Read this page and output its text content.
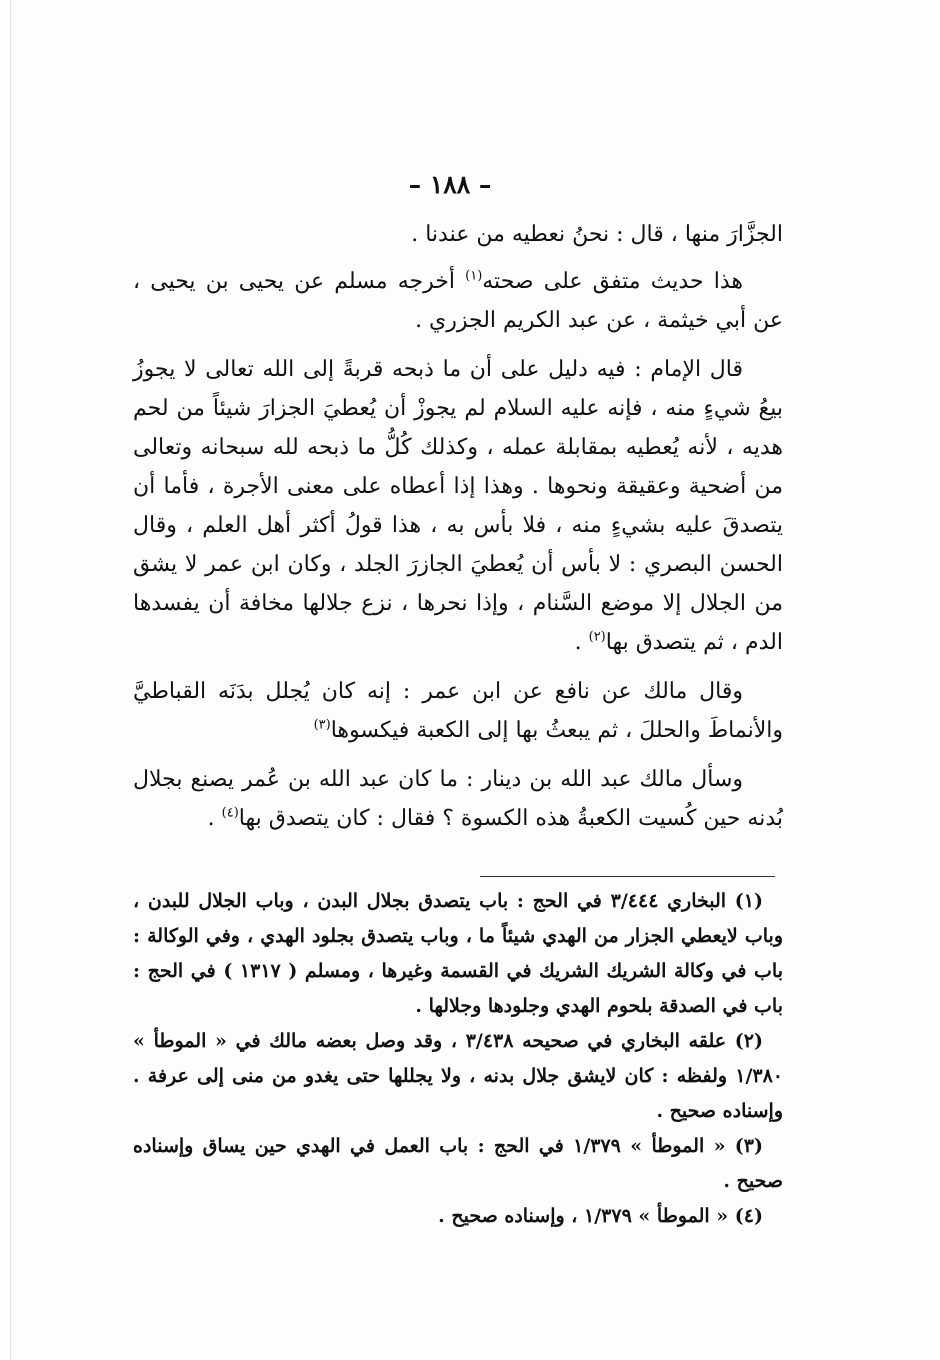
– ١٨٨ –

الجزَّارَ منها ، قال : نحنُ نعطيه من عندنا .

هذا حديث متفق على صحته$^{(١)}$ أخرجه مسلم عن يحيى بن يحيى ، عن أبي خيثمة ، عن عبد الكريم الجزري .

قال الإمام : فيه دليل على أن ما ذبحه قربةً إلى الله تعالى لا يجوزُ بيعُ شيءٍ منه ، فإنه عليه السلام لم يجوزْ أن يُعطيَ الجزارَ شيئاً من لحم هديه ، لأنه يُعطيه بمقابلة عمله ، وكذلك كُلُّ ما ذبحه لله سبحانه وتعالى من أضحية وعقيقة ونحوها . وهذا إذا أعطاه على معنى الأجرة ، فأما أن يتصدقَ عليه بشيءٍ منه ، فلا بأس به ، هذا قولُ أكثر أهل العلم ، وقال الحسن البصري : لا بأس أن يُعطيَ الجازرَ الجلد ، وكان ابن عمر لا يشق من الجلال إلا موضع السَّنام ، وإذا نحرها ، نزع جلالها مخافة أن يفسدها الدم ، ثم يتصدق بها$^{(٢)}$ .

وقال مالك عن نافع عن ابن عمر : إنه كان يُجلل بدَنَه القباطيَّ والأنماطَ والحللَ ، ثم يبعثُ بها إلى الكعبة فيكسوها$^{(٣)}$

وسأل مالك عبد الله بن دينار : ما كان عبد الله بن عُمر يصنع بجلال بُدنه حين كُسيت الكعبةُ هذه الكسوة ؟ فقال : كان يتصدق بها$^{(٤)}$ .

(١) البخاري ٣/٤٤٤ في الحج : باب يتصدق بجلال البدن ، وباب الجلال للبدن ، وباب لايعطي الجزار من الهدي شيئاً ما ، وباب يتصدق بجلود الهدي ، وفي الوكالة : باب في وكالة الشريك الشريك في القسمة وغيرها ، ومسلم ( ١٣١٧ ) في الحج : باب في الصدقة بلحوم الهدي وجلودها وجلالها .

(٢) علقه البخاري في صحيحه ٣/٤٣٨ ، وقد وصل بعضه مالك في « الموطأ » ١/٣٨٠ ولفظه : كان لايشق جلال بدنه ، ولا يجللها حتى يغدو من منى إلى عرفة . وإسناده صحيح .

(٣) « الموطأ » ١/٣٧٩ في الحج : باب العمل في الهدي حين يساق وإسناده صحيح .

(٤) « الموطأ » ١/٣٧٩ ، وإسناده صحيح .
